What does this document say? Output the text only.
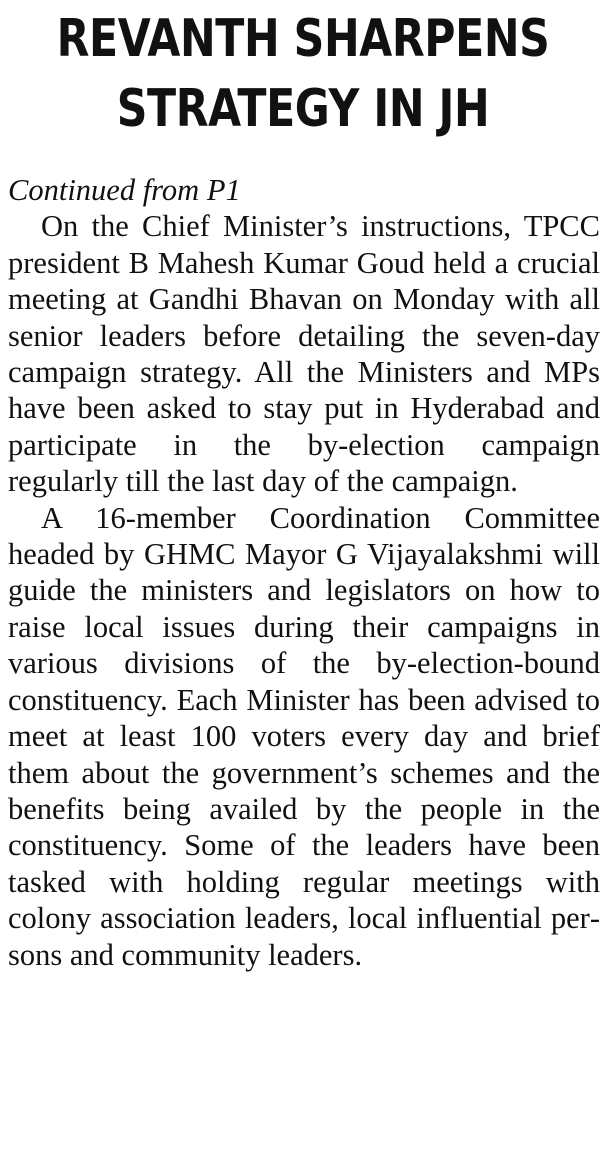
REVANTH SHARPENS
STRATEGY IN JH
Continued from P1

On the Chief Minister’s instructions, TPCC president B Mahesh Kumar Goud held a crucial meeting at Gandhi Bhavan on Monday with all senior leaders before detailing the seven-day campaign strategy. All the Ministers and MPs have been asked to stay put in Hyderabad and participate in the by-election campaign regularly till the last day of the campaign.

A 16-member Coordination Committee headed by GHMC Mayor G Vijayalakshmi will guide the ministers and legislators on how to raise local issues during their campaigns in various divisions of the by-election-bound constituency. Each Minister has been advised to meet at least 100 voters every day and brief them about the government’s schemes and the benefits being availed by the people in the constituency. Some of the leaders have been tasked with holding regular meetings with colony association leaders, local influential persons and community leaders.
